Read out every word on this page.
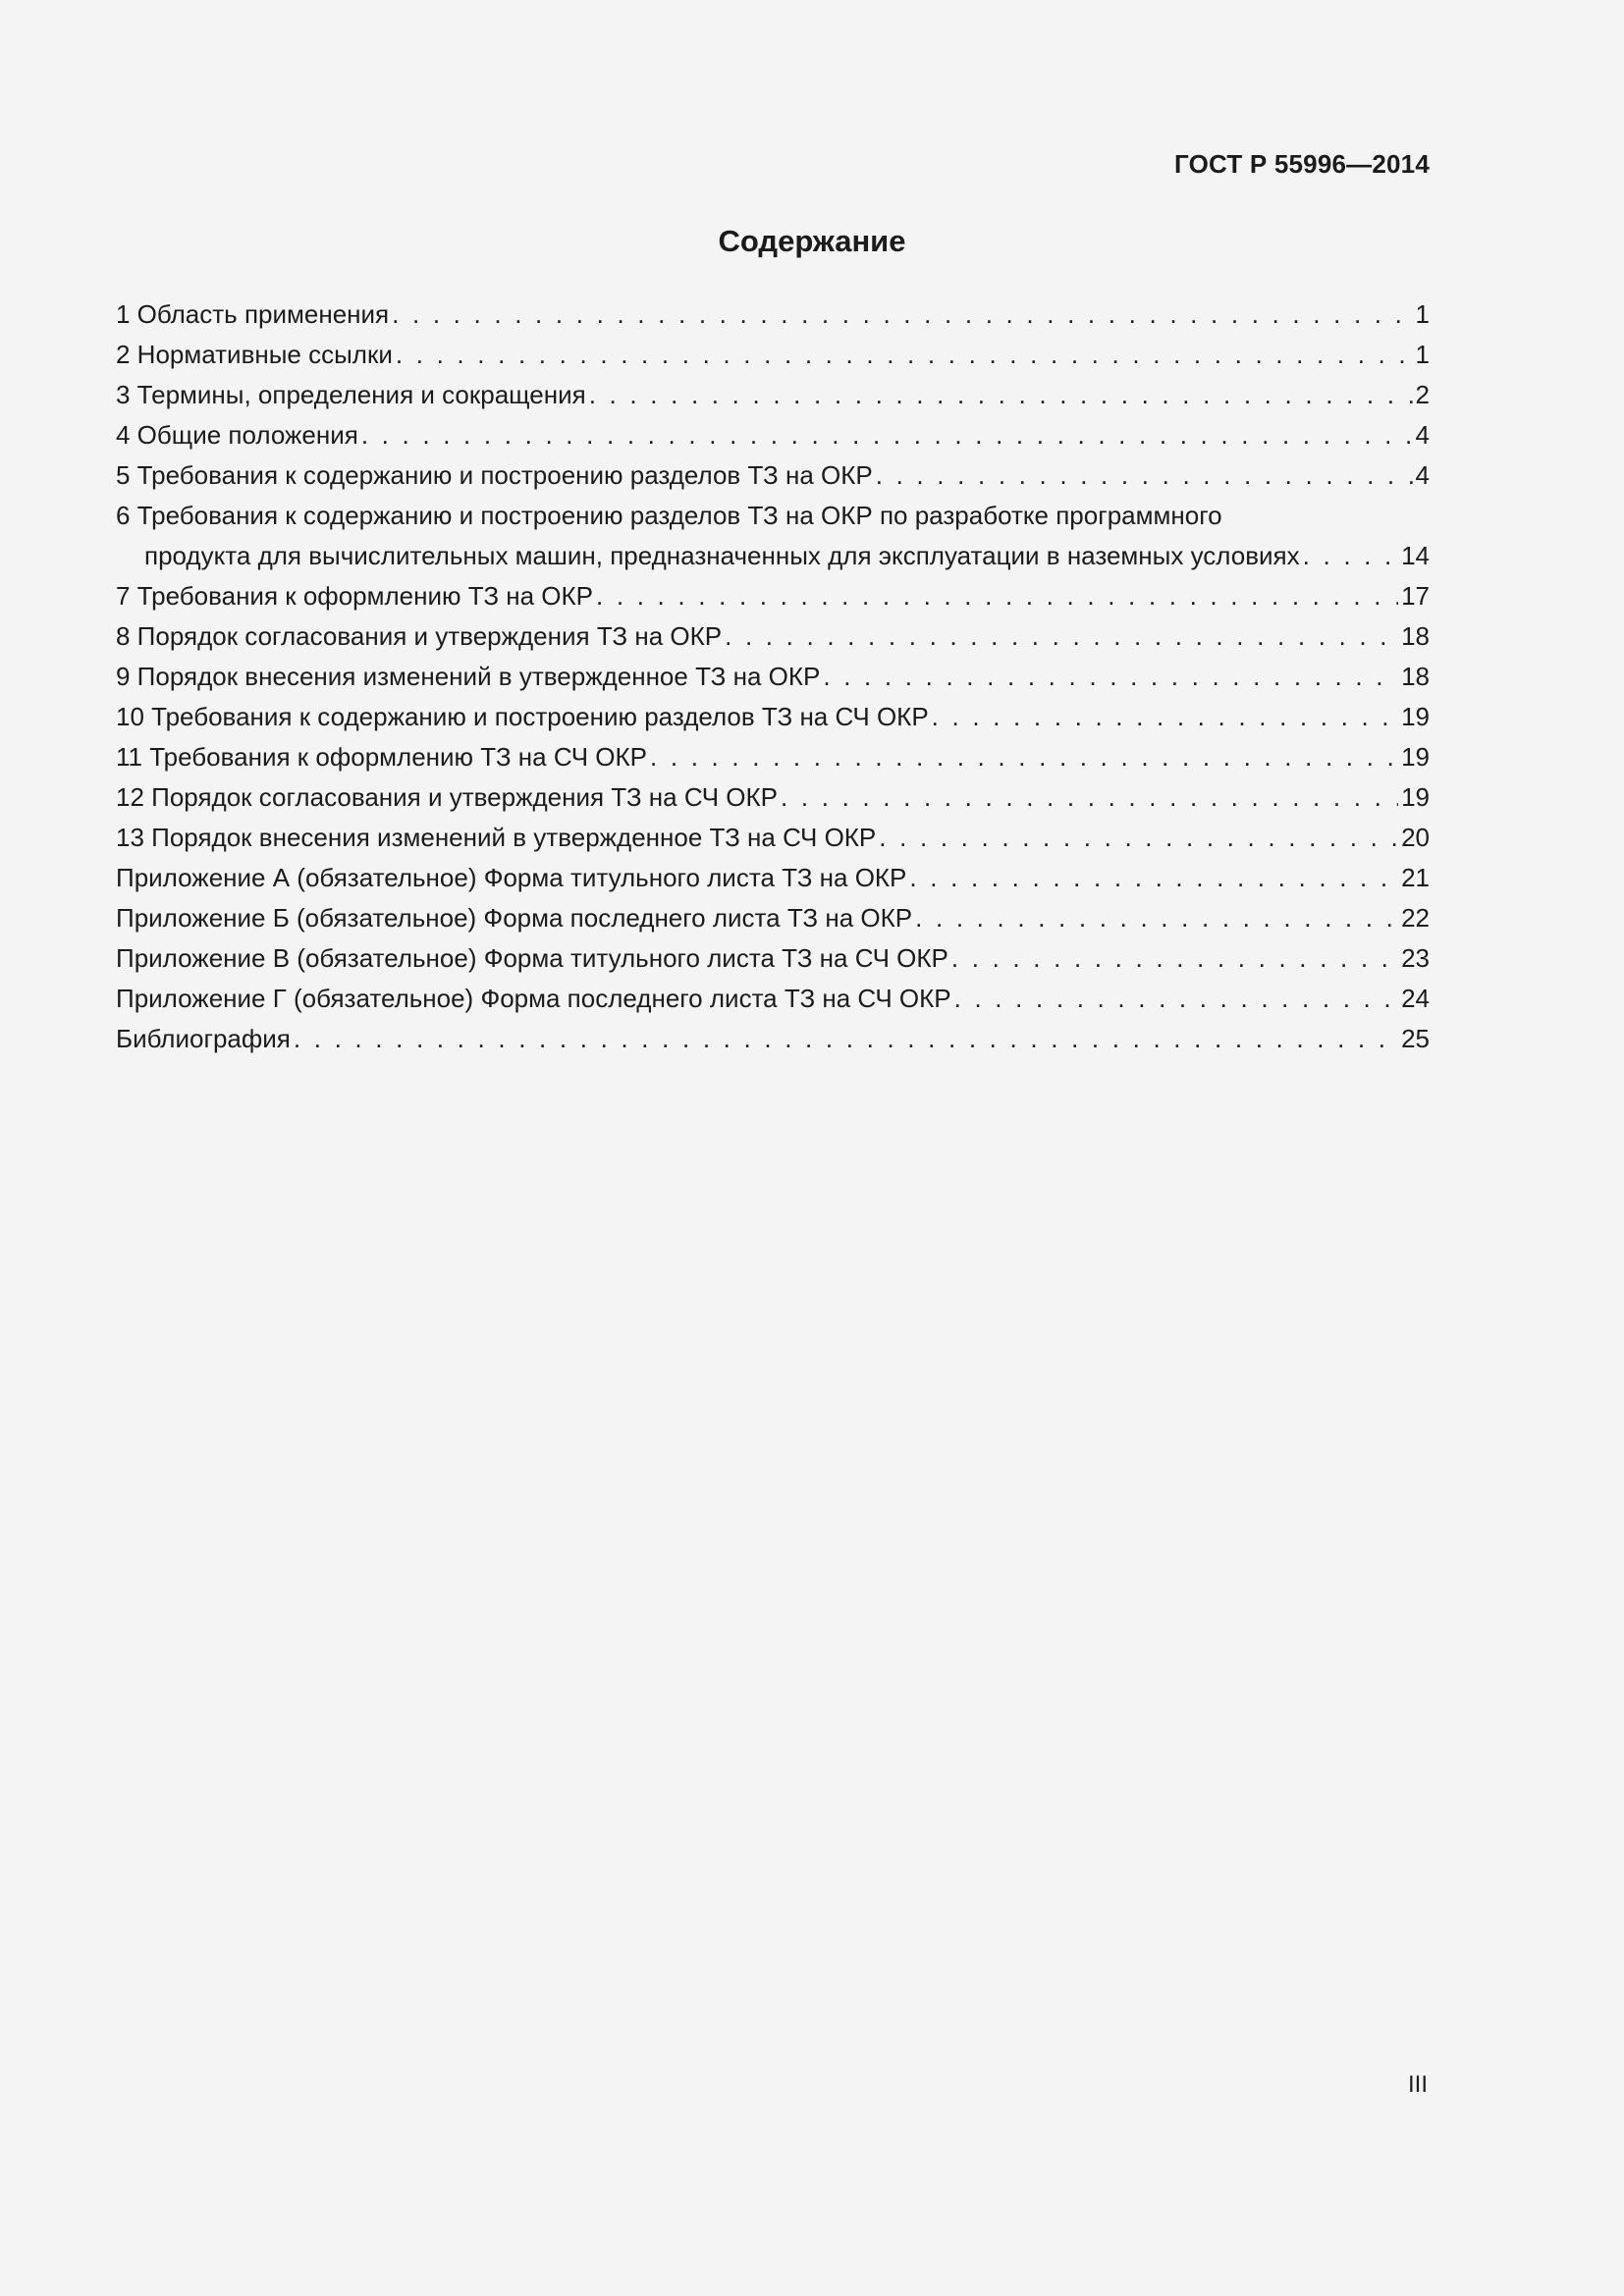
ГОСТ Р 55996—2014
Содержание
1 Область применения . . .	1
2 Нормативные ссылки . . .	1
3 Термины, определения и сокращения . . .	2
4 Общие положения . . .	4
5 Требования к содержанию и построению разделов ТЗ на ОКР . . .	4
6 Требования к содержанию и построению разделов ТЗ на ОКР по разработке программного
продукта для вычислительных машин, предназначенных для эксплуатации в наземных условиях . . .	14
7 Требования к оформлению ТЗ на ОКР . . .	17
8 Порядок согласования и утверждения ТЗ на ОКР . . .	18
9 Порядок внесения изменений в утвержденное ТЗ на ОКР . . .	18
10 Требования к содержанию и построению разделов ТЗ на СЧ ОКР . . .	19
11 Требования к оформлению ТЗ на СЧ ОКР . . .	19
12 Порядок согласования и утверждения ТЗ на СЧ ОКР . . .	19
13 Порядок внесения изменений в утвержденное ТЗ на СЧ ОКР . . .	20
Приложение А (обязательное) Форма титульного листа ТЗ на ОКР . . .	21
Приложение Б (обязательное) Форма последнего листа ТЗ на ОКР . . .	22
Приложение В (обязательное) Форма титульного листа ТЗ на СЧ ОКР . . .	23
Приложение Г (обязательное) Форма последнего листа ТЗ на СЧ ОКР . . .	24
Библиография . . .	25
III
